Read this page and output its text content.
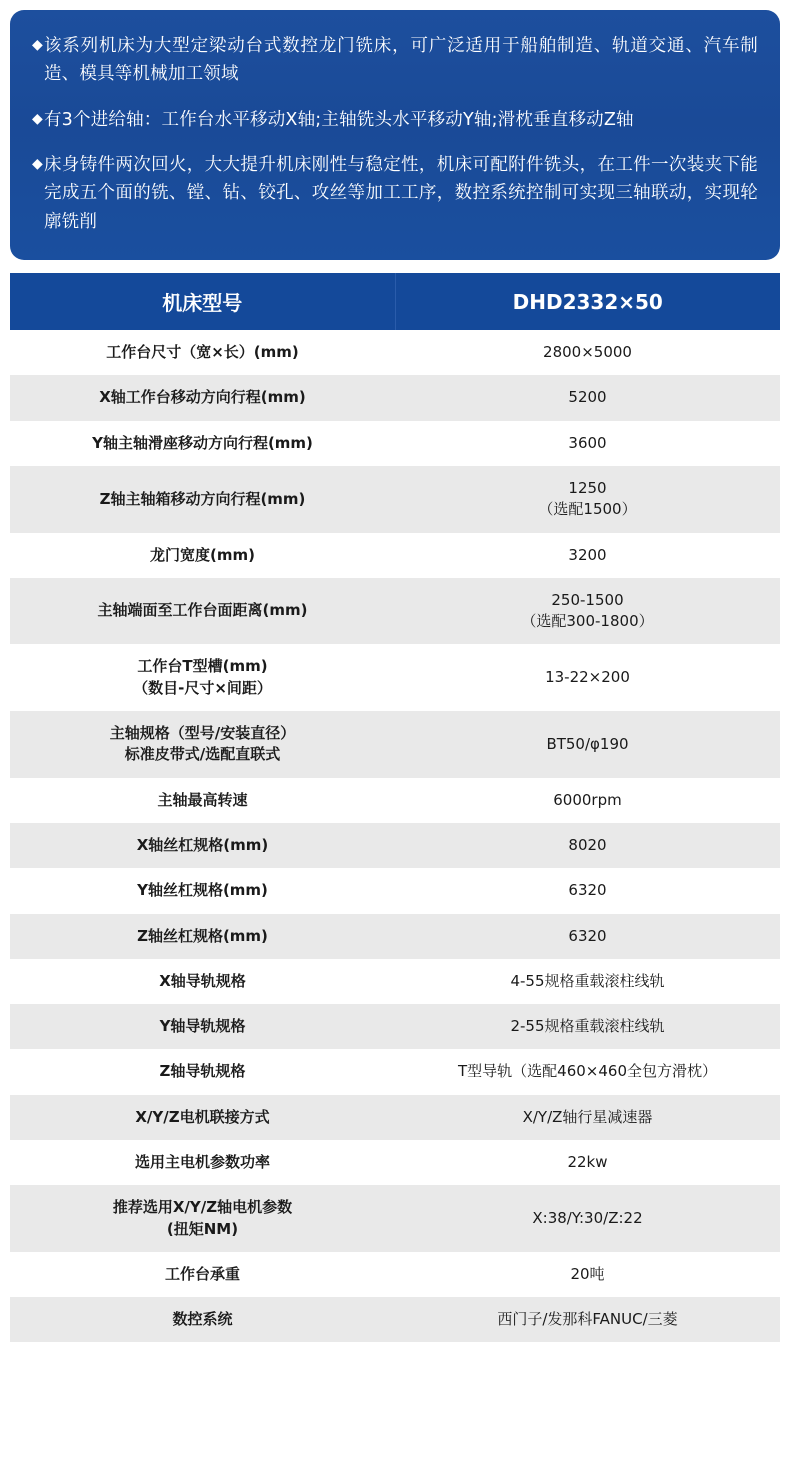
◆ 该系列机床为大型定梁动台式数控龙门铣床，可广泛适用于船舶制造、轨道交通、汽车制造、模具等机械加工领域
◆ 有3个进给轴：工作台水平移动X轴;主轴铣头水平移动Y轴;滑枕垂直移动Z轴
◆ 床身铸件两次回火，大大提升机床刚性与稳定性，机床可配附件铣头，在工件一次装夹下能完成五个面的铣、镗、钻、铰孔、攻丝等加工工序，数控系统控制可实现三轴联动，实现轮廓铣削
机床型号	DHD2332×50

工作台尺寸（宽×长）(mm)	2800×5000

X轴工作台移动方向行程(mm)	5200

Y轴主轴滑座移动方向行程(mm)	3600

Z轴主轴箱移动方向行程(mm)	1250
（选配1500）

龙门宽度(mm)	3200

主轴端面至工作台面距离(mm)	250-1500
（选配300-1800）

工作台T型槽(mm)
（数目-尺寸×间距）	13-22×200

主轴规格（型号/安装直径）
标准皮带式/选配直联式	BT50/φ190

主轴最高转速	6000rpm

X轴丝杠规格(mm)	8020

Y轴丝杠规格(mm)	6320

Z轴丝杠规格(mm)	6320

X轴导轨规格	4-55规格重载滚柱线轨

Y轴导轨规格	2-55规格重载滚柱线轨

Z轴导轨规格	T型导轨（选配460×460全包方滑枕）

X/Y/Z电机联接方式	X/Y/Z轴行星减速器

选用主电机参数功率	22kw

推荐选用X/Y/Z轴电机参数
(扭矩NM)	X:38/Y:30/Z:22

工作台承重	20吨

数控系统	西门子/发那科FANUC/三菱
